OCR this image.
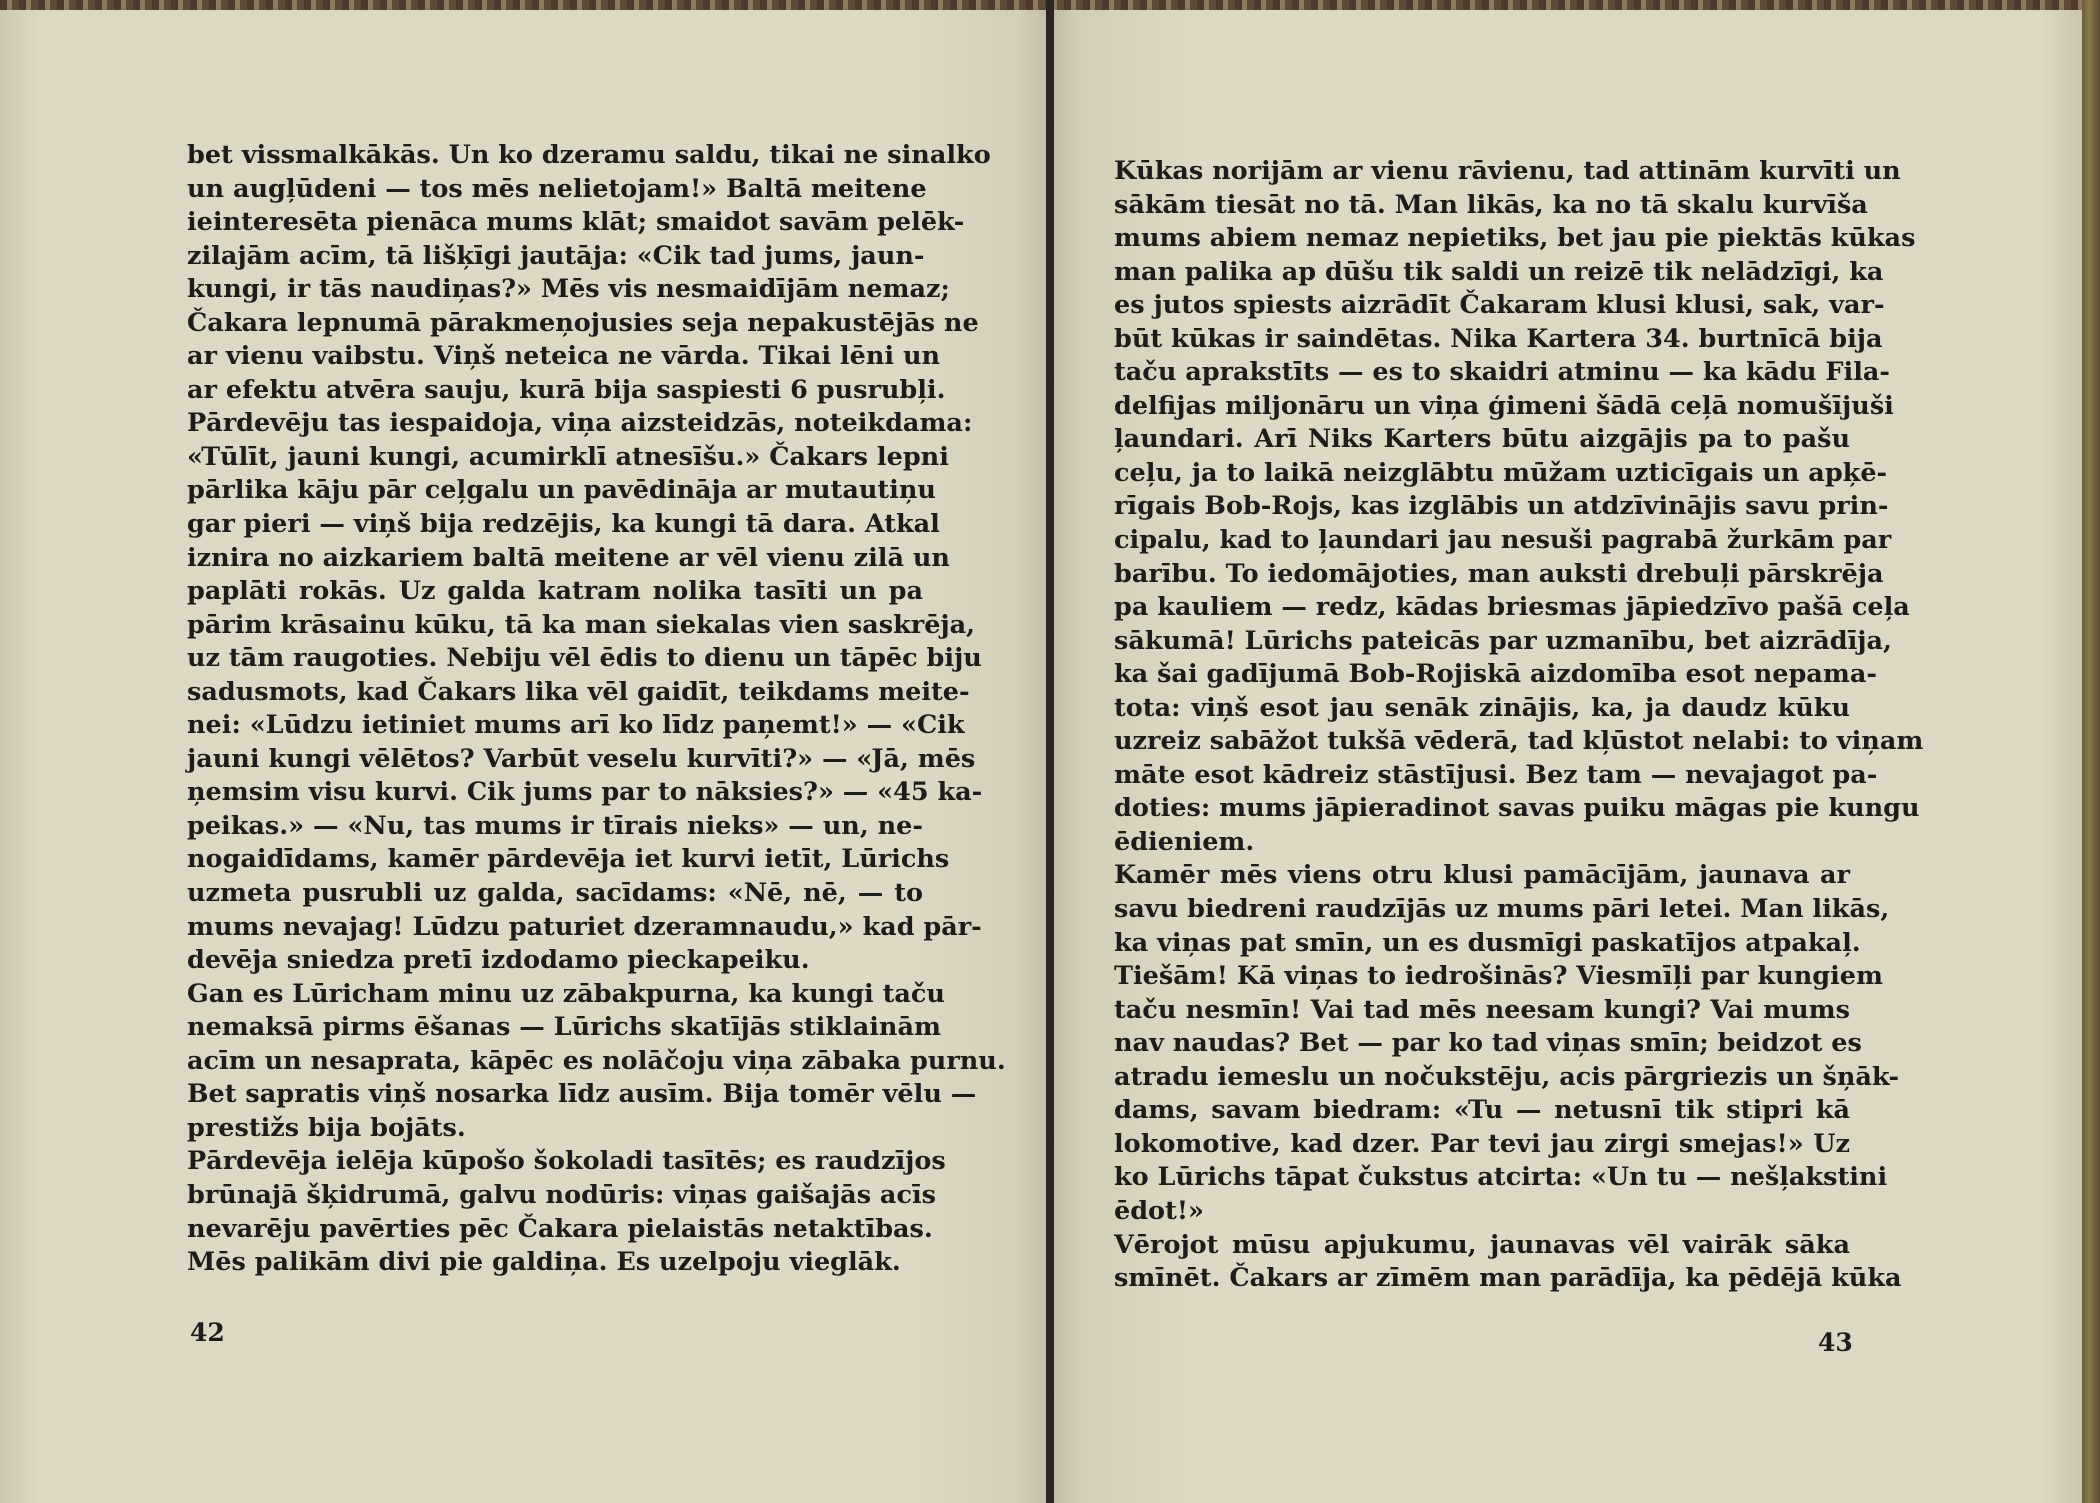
bet vissmalkākās. Un ko dzeramu saldu, tikai ne sinalko
un augļūdeni — tos mēs nelietojam!» Baltā meitene
ieinteresēta pienāca mums klāt; smaidot savām pelēk-
zilajām acīm, tā lišķīgi jautāja: «Cik tad jums, jaun-
kungi, ir tās naudiņas?» Mēs vis nesmaidījām nemaz;
Čakara lepnumā pārakmeņojusies seja nepakustējās ne
ar vienu vaibstu. Viņš neteica ne vārda. Tikai lēni un
ar efektu atvēra sauju, kurā bija saspiesti 6 pusrubļi.
Pārdevēju tas iespaidoja, viņa aizsteidzās, noteikdama:
«Tūlīt, jauni kungi, acumirklī atnesīšu.» Čakars lepni
pārlika kāju pār ceļgalu un pavēdināja ar mutautiņu
gar pieri — viņš bija redzējis, ka kungi tā dara. Atkal
iznira no aizkariem baltā meitene ar vēl vienu zilā un
paplāti rokās. Uz galda katram nolika tasīti un pa
pārim krāsainu kūku, tā ka man siekalas vien saskrēja,
uz tām raugoties. Nebiju vēl ēdis to dienu un tāpēc biju
sadusmots, kad Čakars lika vēl gaidīt, teikdams meite-
nei: «Lūdzu ietiniet mums arī ko līdz paņemt!» — «Cik
jauni kungi vēlētos? Varbūt veselu kurvīti?» — «Jā, mēs
ņemsim visu kurvi. Cik jums par to nāksies?» — «45 ka-
peikas.» — «Nu, tas mums ir tīrais nieks» — un, ne-
nogaidīdams, kamēr pārdevēja iet kurvi ietīt, Lūrichs
uzmeta pusrubli uz galda, sacīdams: «Nē, nē, — to
mums nevajag! Lūdzu paturiet dzeramnaudu,» kad pār-
devēja sniedza pretī izdodamo pieckapeiku.
Gan es Lūricham minu uz zābakpurna, ka kungi taču
nemaksā pirms ēšanas — Lūrichs skatījās stiklainām
acīm un nesaprata, kāpēc es nolāčoju viņa zābaka purnu.
Bet sapratis viņš nosarka līdz ausīm. Bija tomēr vēlu —
prestižs bija bojāts.
Pārdevēja ielēja kūpošo šokoladi tasītēs; es raudzījos
brūnajā šķidrumā, galvu nodūris: viņas gaišajās acīs
nevarēju pavērties pēc Čakara pielaistās netaktības.
Mēs palikām divi pie galdiņa. Es uzelpoju vieglāk.
Kūkas norijām ar vienu rāvienu, tad attinām kurvīti un
sākām tiesāt no tā. Man likās, ka no tā skalu kurvīša
mums abiem nemaz nepietiks, bet jau pie piektās kūkas
man palika ap dūšu tik saldi un reizē tik nelādzīgi, ka
es jutos spiests aizrādīt Čakaram klusi klusi, sak, var-
būt kūkas ir saindētas. Nika Kartera 34. burtnīcā bija
taču aprakstīts — es to skaidri atminu — ka kādu Fila-
delfijas miljonāru un viņa ģimeni šādā ceļā nomušījuši
ļaundari. Arī Niks Karters būtu aizgājis pa to pašu
ceļu, ja to laikā neizglābtu mūžam uzticīgais un apķē-
rīgais Bob-Rojs, kas izglābis un atdzīvinājis savu prin-
cipalu, kad to ļaundari jau nesuši pagrabā žurkām par
barību. To iedomājoties, man auksti drebuļi pārskrēja
pa kauliem — redz, kādas briesmas jāpiedzīvo pašā ceļa
sākumā! Lūrichs pateicās par uzmanību, bet aizrādīja,
ka šai gadījumā Bob-Rojiskā aizdomība esot nepama-
tota: viņš esot jau senāk zinājis, ka, ja daudz kūku
uzreiz sabāžot tukšā vēderā, tad kļūstot nelabi: to viņam
māte esot kādreiz stāstījusi. Bez tam — nevajagot pa-
doties: mums jāpieradinot savas puiku māgas pie kungu
ēdieniem.
Kamēr mēs viens otru klusi pamācījām, jaunava ar
savu biedreni raudzījās uz mums pāri letei. Man likās,
ka viņas pat smīn, un es dusmīgi paskatījos atpakaļ.
Tiešām! Kā viņas to iedrošinās? Viesmīļi par kungiem
taču nesmīn! Vai tad mēs neesam kungi? Vai mums
nav naudas? Bet — par ko tad viņas smīn; beidzot es
atradu iemeslu un nočukstēju, acis pārgriezis un šņāk-
dams, savam biedram: «Tu — netusnī tik stipri kā
lokomotive, kad dzer. Par tevi jau zirgi smejas!» Uz
ko Lūrichs tāpat čukstus atcirta: «Un tu — nešļakstini
ēdot!»
Vērojot mūsu apjukumu, jaunavas vēl vairāk sāka
smīnēt. Čakars ar zīmēm man parādīja, ka pēdējā kūka

42	43
